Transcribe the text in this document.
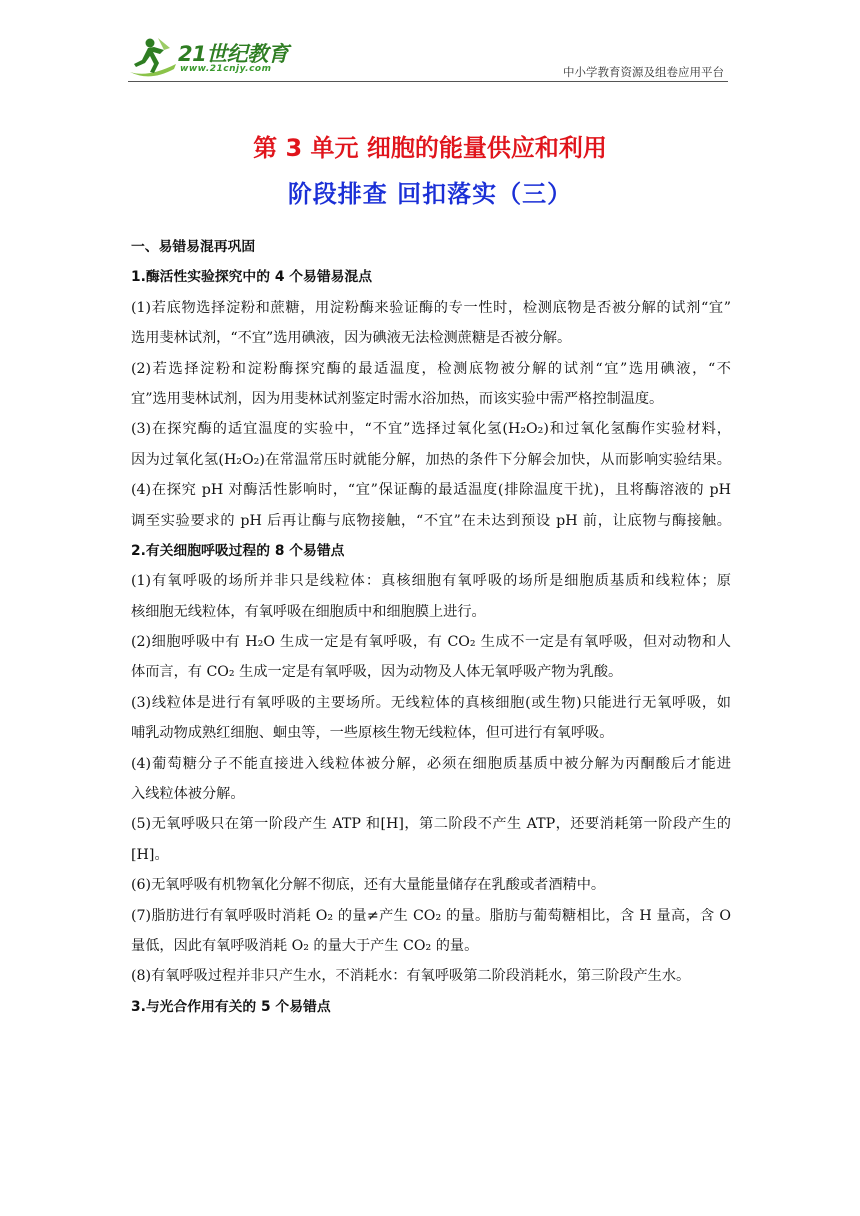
21世纪教育
www.21cnjy.com	中小学教育资源及组卷应用平台
第 3 单元 细胞的能量供应和利用
阶段排查 回扣落实（三）
一、易错易混再巩固
1.酶活性实验探究中的 4 个易错易混点
(1)若底物选择淀粉和蔗糖，用淀粉酶来验证酶的专一性时，检测底物是否被分解的试剂“宜”
选用斐林试剂，“不宜”选用碘液，因为碘液无法检测蔗糖是否被分解。
(2)若选择淀粉和淀粉酶探究酶的最适温度，检测底物被分解的试剂“宜”选用碘液，“不
宜”选用斐林试剂，因为用斐林试剂鉴定时需水浴加热，而该实验中需严格控制温度。
(3)在探究酶的适宜温度的实验中，“不宜”选择过氧化氢(H₂O₂)和过氧化氢酶作实验材料，
因为过氧化氢(H₂O₂)在常温常压时就能分解，加热的条件下分解会加快，从而影响实验结果。
(4)在探究 pH 对酶活性影响时，“宜”保证酶的最适温度(排除温度干扰)，且将酶溶液的 pH
调至实验要求的 pH 后再让酶与底物接触，“不宜”在未达到预设 pH 前，让底物与酶接触。
2.有关细胞呼吸过程的 8 个易错点
(1)有氧呼吸的场所并非只是线粒体：真核细胞有氧呼吸的场所是细胞质基质和线粒体；原
核细胞无线粒体，有氧呼吸在细胞质中和细胞膜上进行。
(2)细胞呼吸中有 H₂O 生成一定是有氧呼吸，有 CO₂ 生成不一定是有氧呼吸，但对动物和人
体而言，有 CO₂ 生成一定是有氧呼吸，因为动物及人体无氧呼吸产物为乳酸。
(3)线粒体是进行有氧呼吸的主要场所。无线粒体的真核细胞(或生物)只能进行无氧呼吸，如
哺乳动物成熟红细胞、蛔虫等，一些原核生物无线粒体，但可进行有氧呼吸。
(4)葡萄糖分子不能直接进入线粒体被分解，必须在细胞质基质中被分解为丙酮酸后才能进
入线粒体被分解。
(5)无氧呼吸只在第一阶段产生 ATP 和[H]，第二阶段不产生 ATP，还要消耗第一阶段产生的
[H]。
(6)无氧呼吸有机物氧化分解不彻底，还有大量能量储存在乳酸或者酒精中。
(7)脂肪进行有氧呼吸时消耗 O₂ 的量≠产生 CO₂ 的量。脂肪与葡萄糖相比，含 H 量高，含 O
量低，因此有氧呼吸消耗 O₂ 的量大于产生 CO₂ 的量。
(8)有氧呼吸过程并非只产生水，不消耗水：有氧呼吸第二阶段消耗水，第三阶段产生水。
3.与光合作用有关的 5 个易错点
